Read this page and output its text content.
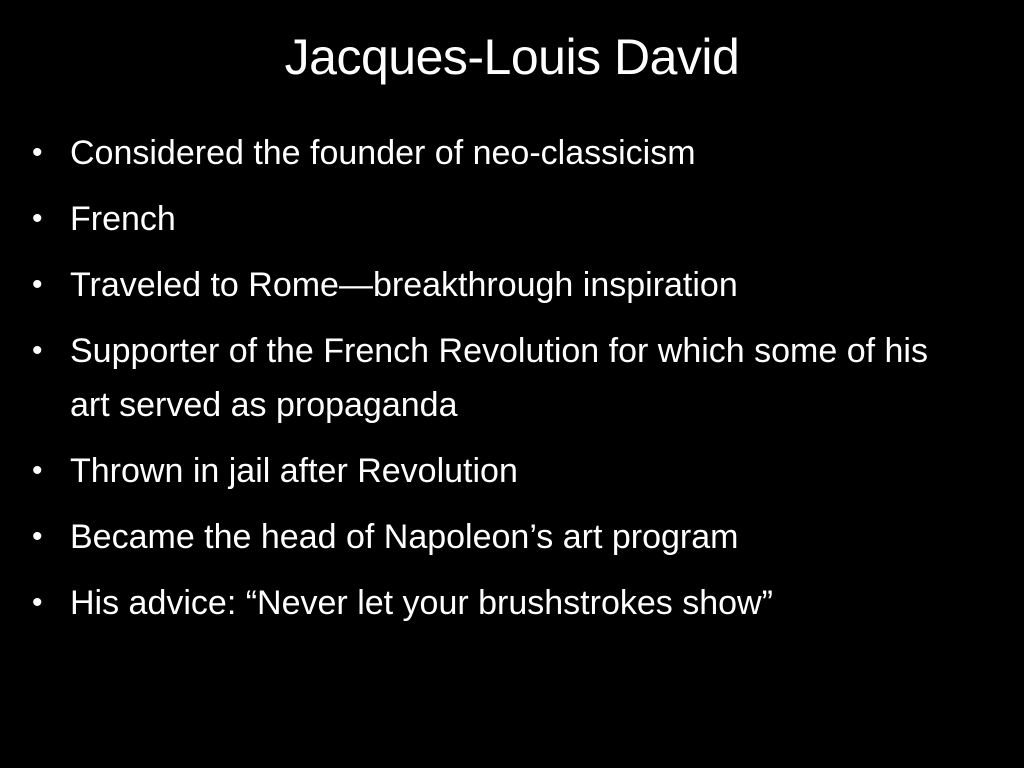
Jacques-Louis David
• Considered the founder of neo-classicism
• French
• Traveled to Rome—breakthrough inspiration
• Supporter of the French Revolution for which some of his art served as propaganda
• Thrown in jail after Revolution
• Became the head of Napoleon’s art program
• His advice: “Never let your brushstrokes show”
